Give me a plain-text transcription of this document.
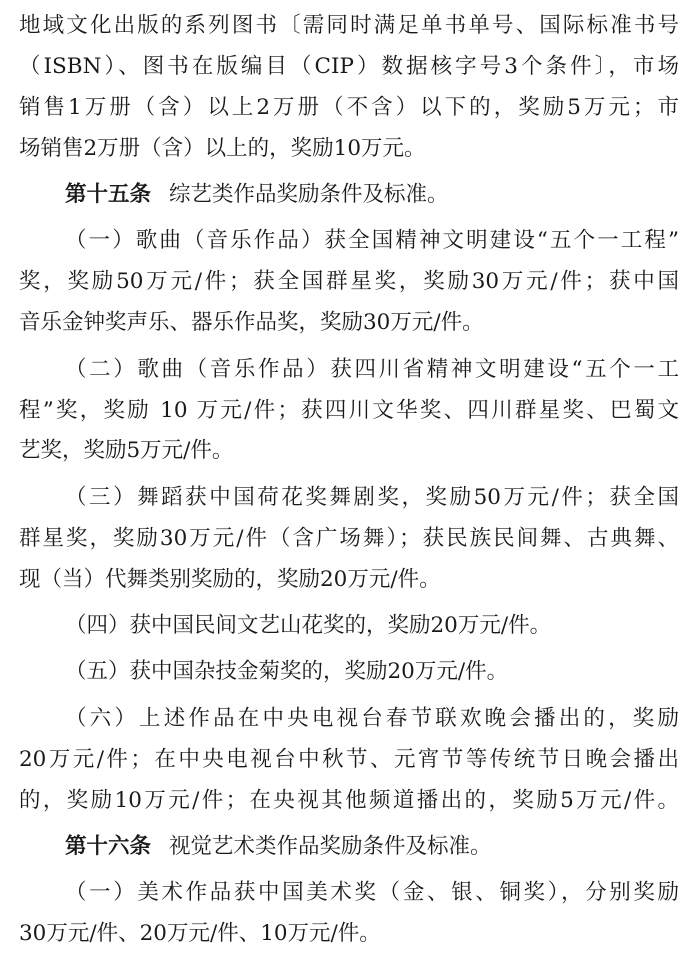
地域文化出版的系列图书〔需同时满足单书单号、国际标准书号
（ISBN）、图书在版编目（CIP）数据核字号3个条件〕，市场
销售1万册（含）以上2万册（不含）以下的，奖励5万元；市
场销售2万册（含）以上的，奖励10万元。
第十五条 综艺类作品奖励条件及标准。
（一）歌曲（音乐作品）获全国精神文明建设“五个一工程”
奖，奖励50万元/件；获全国群星奖，奖励30万元/件；获中国
音乐金钟奖声乐、器乐作品奖，奖励30万元/件。
（二）歌曲（音乐作品）获四川省精神文明建设“五个一工
程”奖，奖励 10 万元/件；获四川文华奖、四川群星奖、巴蜀文
艺奖，奖励5万元/件。
（三）舞蹈获中国荷花奖舞剧奖，奖励50万元/件；获全国
群星奖，奖励30万元/件（含广场舞）；获民族民间舞、古典舞、
现（当）代舞类别奖励的，奖励20万元/件。
（四）获中国民间文艺山花奖的，奖励20万元/件。
（五）获中国杂技金菊奖的，奖励20万元/件。
（六）上述作品在中央电视台春节联欢晚会播出的，奖励
20万元/件；在中央电视台中秋节、元宵节等传统节日晚会播出
的，奖励10万元/件；在央视其他频道播出的，奖励5万元/件。
第十六条 视觉艺术类作品奖励条件及标准。
（一）美术作品获中国美术奖（金、银、铜奖），分别奖励
30万元/件、20万元/件、10万元/件。
